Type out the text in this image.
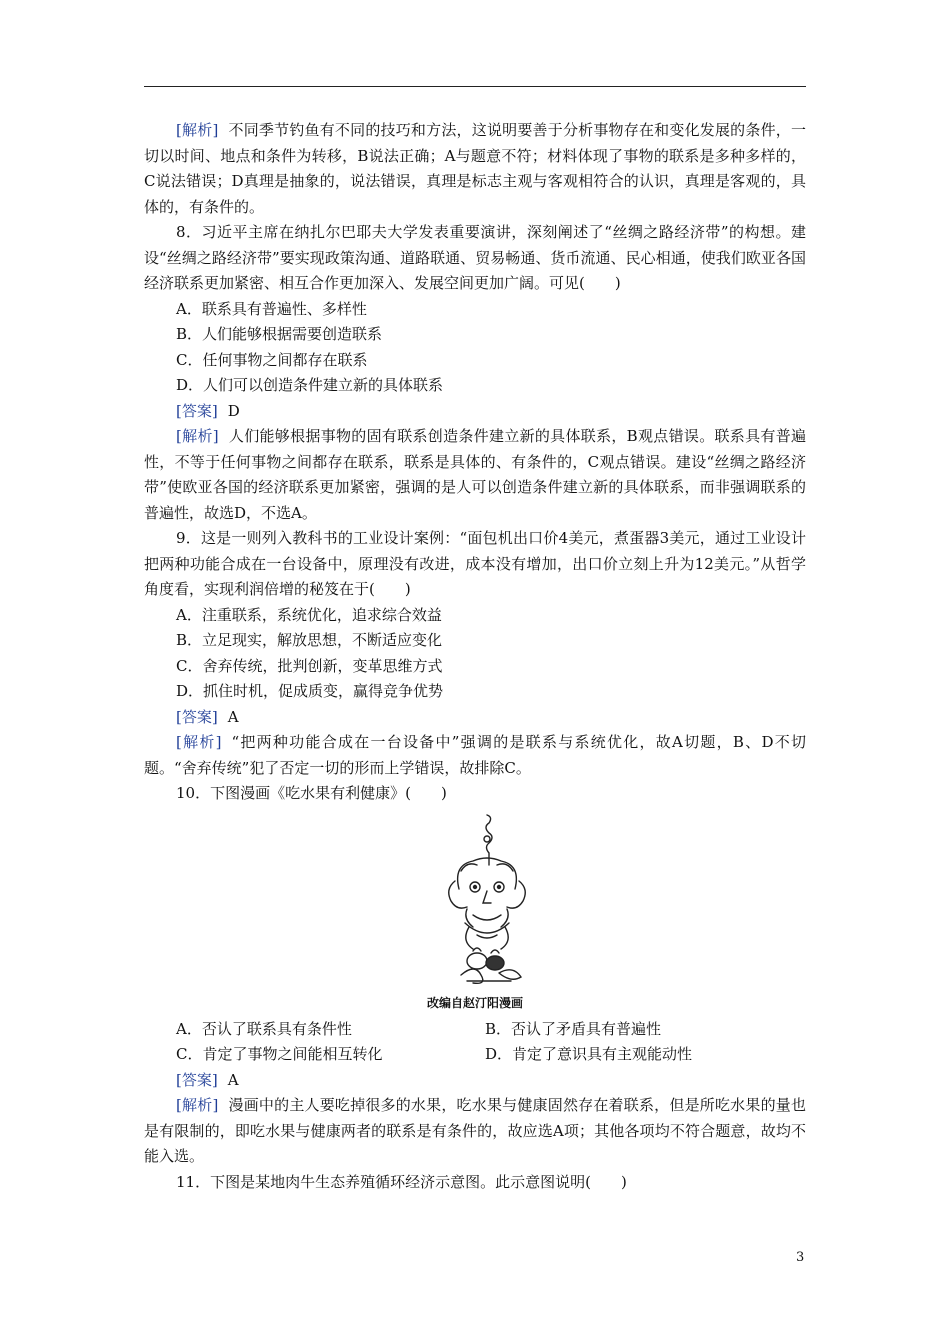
[解析] 不同季节钓鱼有不同的技巧和方法，这说明要善于分析事物存在和变化发展的条件，一切以时间、地点和条件为转移，B说法正确；A与题意不符；材料体现了事物的联系是多种多样的，C说法错误；D真理是抽象的，说法错误，真理是标志主观与客观相符合的认识，真理是客观的，具体的，有条件的。

8．习近平主席在纳扎尔巴耶夫大学发表重要演讲，深刻阐述了“丝绸之路经济带”的构想。建设“丝绸之路经济带”要实现政策沟通、道路联通、贸易畅通、货币流通、民心相通，使我们欧亚各国经济联系更加紧密、相互合作更加深入、发展空间更加广阔。可见(　　)

A．联系具有普遍性、多样性

B．人们能够根据需要创造联系

C．任何事物之间都存在联系

D．人们可以创造条件建立新的具体联系

[答案] D

[解析] 人们能够根据事物的固有联系创造条件建立新的具体联系，B观点错误。联系具有普遍性，不等于任何事物之间都存在联系，联系是具体的、有条件的，C观点错误。建设“丝绸之路经济带”使欧亚各国的经济联系更加紧密，强调的是人可以创造条件建立新的具体联系，而非强调联系的普遍性，故选D，不选A。

9．这是一则列入教科书的工业设计案例：“面包机出口价4美元，煮蛋器3美元，通过工业设计把两种功能合成在一台设备中，原理没有改进，成本没有增加，出口价立刻上升为12美元。”从哲学角度看，实现利润倍增的秘笈在于(　　)

A．注重联系，系统优化，追求综合效益

B．立足现实，解放思想，不断适应变化

C．舍弃传统，批判创新，变革思维方式

D．抓住时机，促成质变，赢得竞争优势

[答案] A

[解析] “把两种功能合成在一台设备中”强调的是联系与系统优化，故A切题，B、D不切题。“舍弃传统”犯了否定一切的形而上学错误，故排除C。

10．下图漫画《吃水果有利健康》(　　)

改编自赵汀阳漫画

A．否认了联系具有条件性	B．否认了矛盾具有普遍性

C．肯定了事物之间能相互转化	D．肯定了意识具有主观能动性

[答案] A

[解析] 漫画中的主人要吃掉很多的水果，吃水果与健康固然存在着联系，但是所吃水果的量也是有限制的，即吃水果与健康两者的联系是有条件的，故应选A项；其他各项均不符合题意，故均不能入选。

11．下图是某地肉牛生态养殖循环经济示意图。此示意图说明(　　)

3
